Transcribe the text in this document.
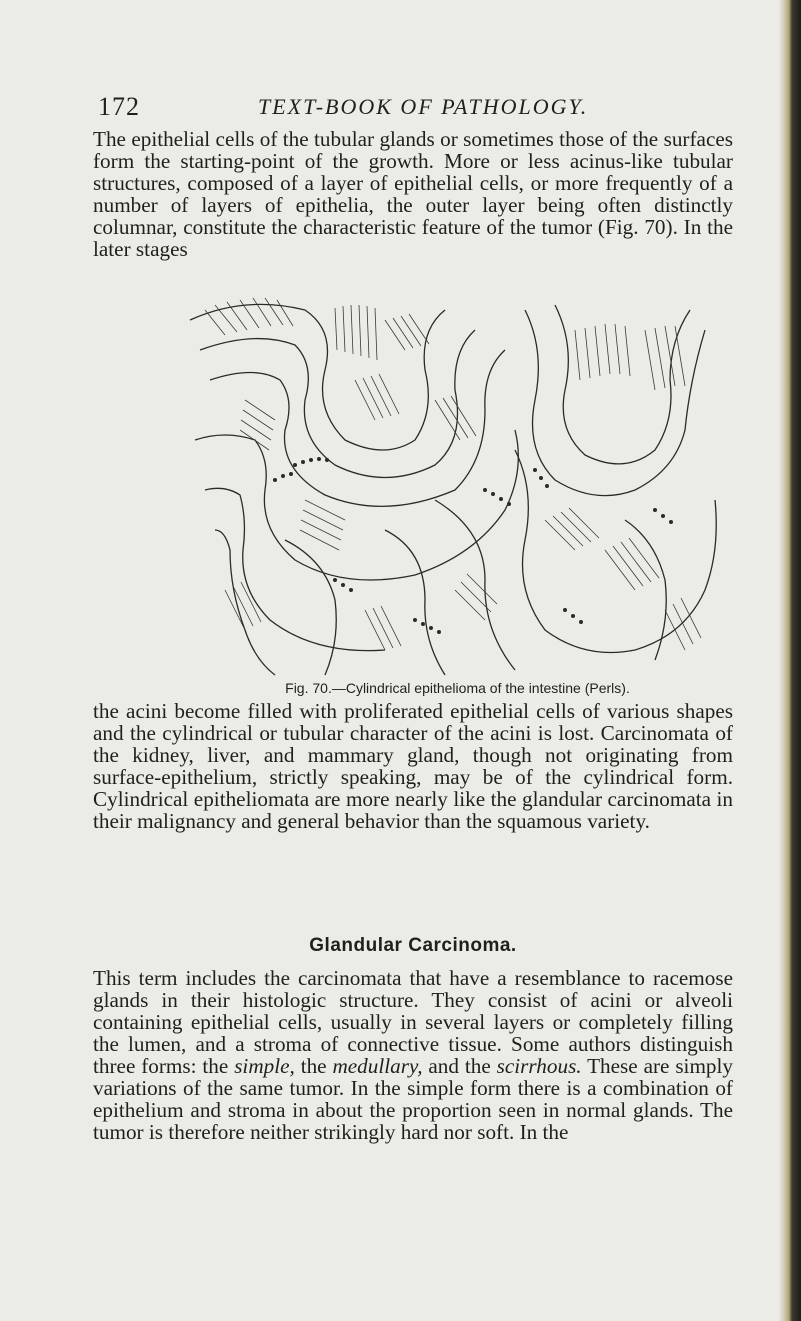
172	TEXT-BOOK OF PATHOLOGY.

The epithelial cells of the tubular glands or sometimes those of the surfaces form the starting-point of the growth. More or less acinus-like tubular structures, composed of a layer of epithelial cells, or more frequently of a number of layers of epithelia, the outer layer being often distinctly columnar, constitute the characteristic feature of the tumor (Fig. 70). In the later stages

Fig. 70.—Cylindrical epithelioma of the intestine (Perls).

the acini become filled with proliferated epithelial cells of various shapes and the cylindrical or tubular character of the acini is lost. Carcinomata of the kidney, liver, and mammary gland, though not originating from surface-epithelium, strictly speaking, may be of the cylindrical form. Cylindrical epitheliomata are more nearly like the glandular carcinomata in their malignancy and general behavior than the squamous variety.

Glandular Carcinoma.

This term includes the carcinomata that have a resemblance to racemose glands in their histologic structure. They consist of acini or alveoli containing epithelial cells, usually in several layers or completely filling the lumen, and a stroma of connective tissue. Some authors distinguish three forms: the simple, the medullary, and the scirrhous. These are simply variations of the same tumor. In the simple form there is a combination of epithelium and stroma in about the proportion seen in normal glands. The tumor is therefore neither strikingly hard nor soft. In the
